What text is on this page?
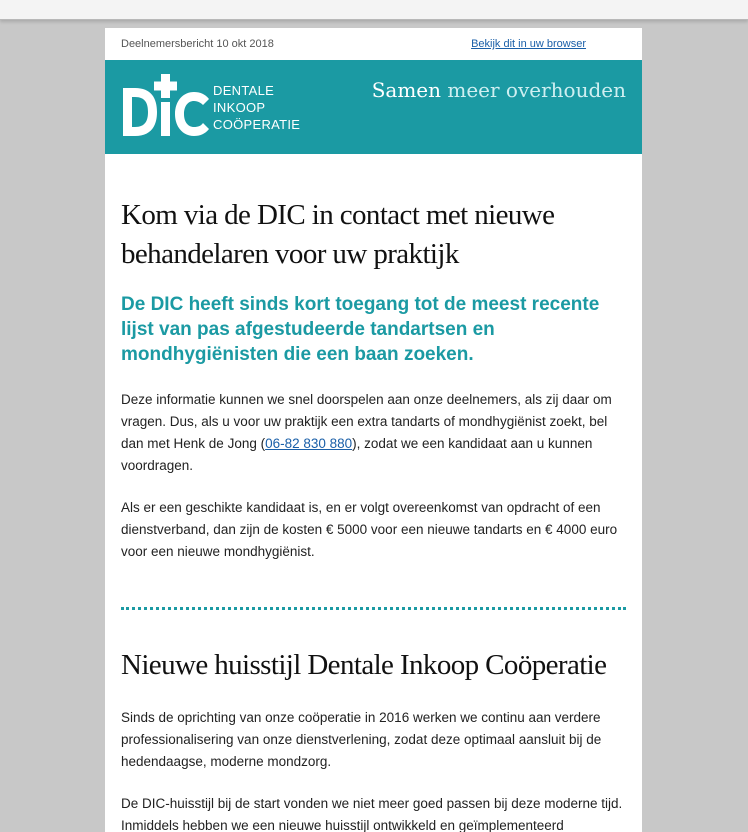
Deelnemersbericht 10 okt 2018	Bekijk dit in uw browser
DENTALE
INKOOP
COÖPERATIE
Samen meer overhouden
Kom via de DIC in contact met nieuwe behandelaren voor uw praktijk
De DIC heeft sinds kort toegang tot de meest recente lijst van pas afgestudeerde tandartsen en mondhygiënisten die een baan zoeken.

Deze informatie kunnen we snel doorspelen aan onze deelnemers, als zij daar om vragen. Dus, als u voor uw praktijk een extra tandarts of mondhygiënist zoekt, bel dan met Henk de Jong (06-82 830 880), zodat we een kandidaat aan u kunnen voordragen.

Als er een geschikte kandidaat is, en er volgt overeenkomst van opdracht of een dienstverband, dan zijn de kosten € 5000 voor een nieuwe tandarts en € 4000 euro voor een nieuwe mondhygiënist.

Nieuwe huisstijl Dentale Inkoop Coöperatie

Sinds de oprichting van onze coöperatie in 2016 werken we continu aan verdere professionalisering van onze dienstverlening, zodat deze optimaal aansluit bij de hedendaagse, moderne mondzorg.

De DIC-huisstijl bij de start vonden we niet meer goed passen bij deze moderne tijd. Inmiddels hebben we een nieuwe huisstijl ontwikkeld en geïmplementeerd
